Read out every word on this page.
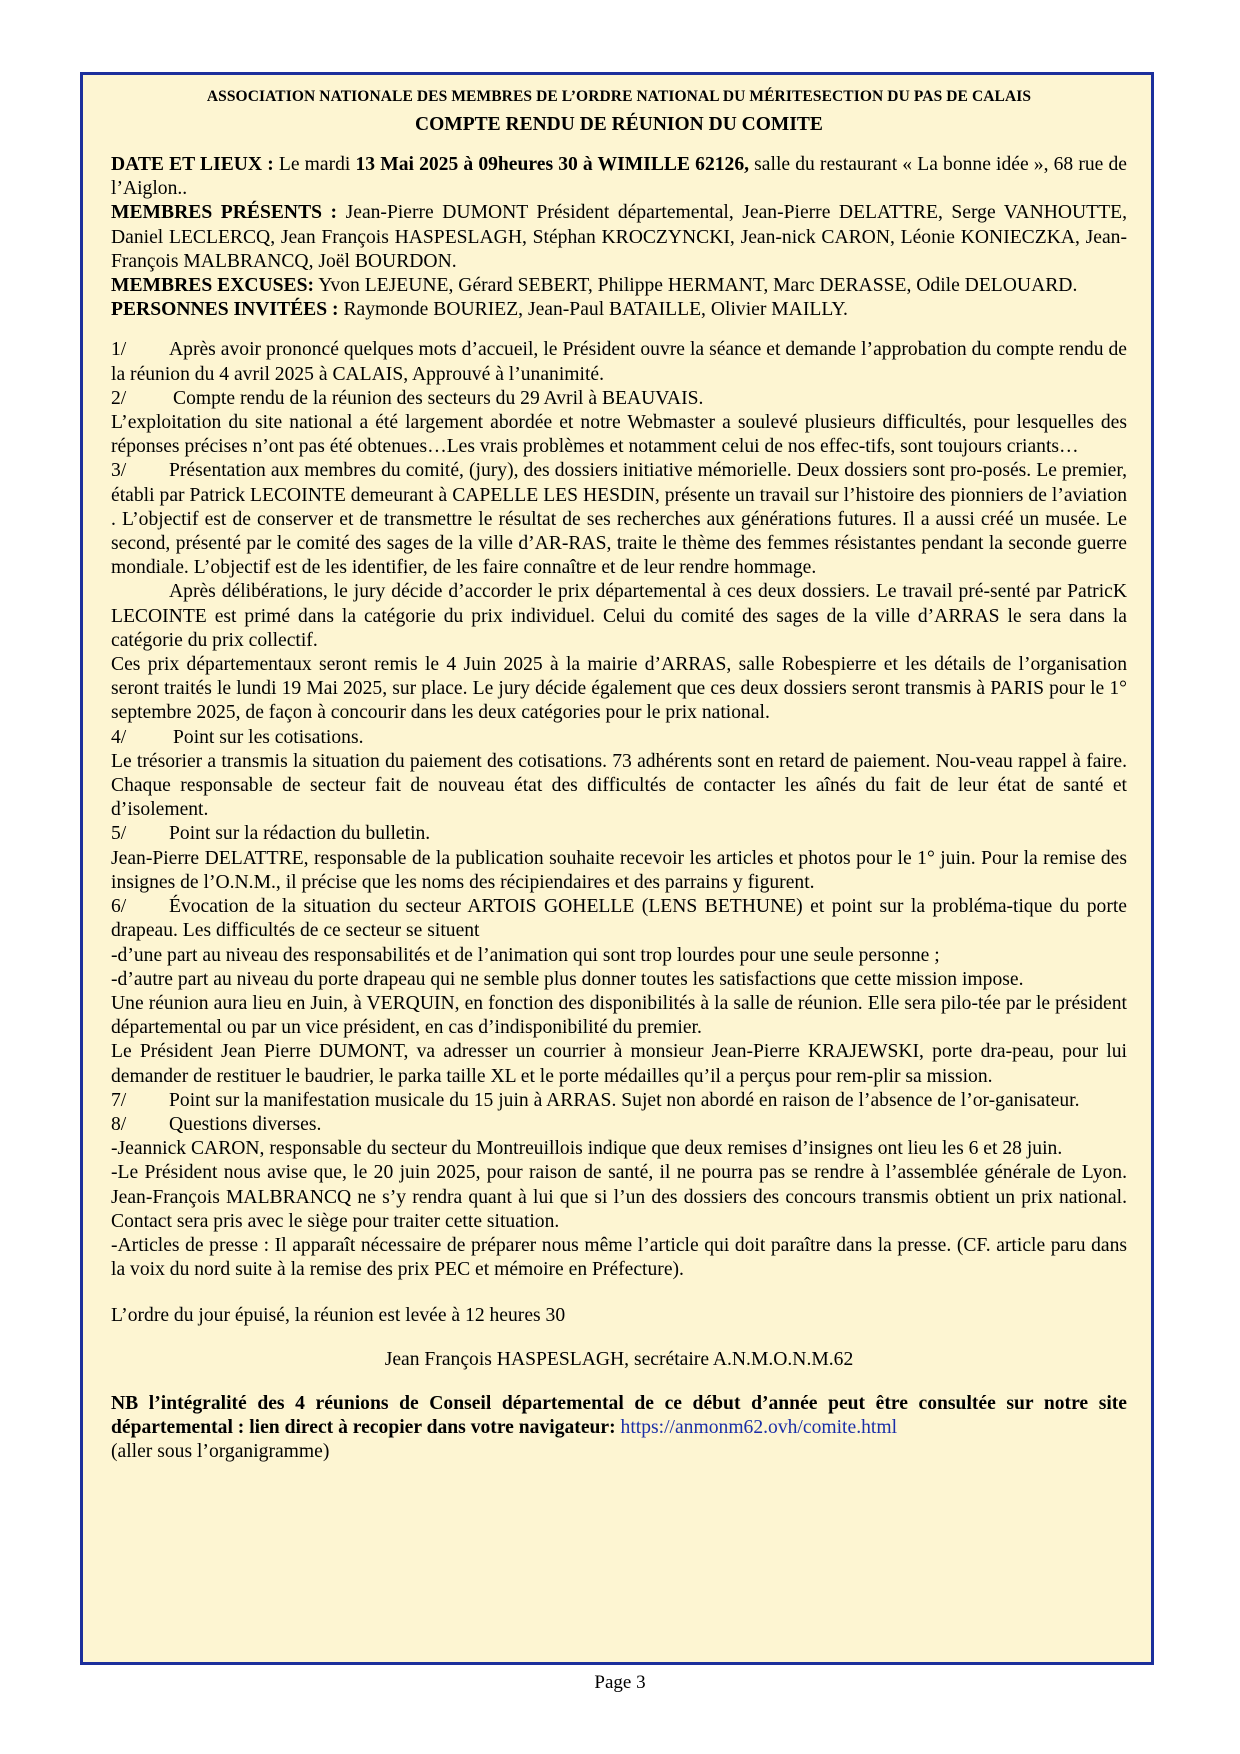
ASSOCIATION NATIONALE DES MEMBRES DE L’ORDRE NATIONAL DU MÉRITESECTION DU PAS DE CALAIS

COMPTE RENDU DE RÉUNION DU COMITE

DATE ET LIEUX : Le mardi 13 Mai 2025 à 09heures 30 à WIMILLE 62126, salle du restaurant « La bonne idée », 68 rue de l’Aiglon..

MEMBRES PRÉSENTS : Jean-Pierre DUMONT Président départemental, Jean-Pierre DELATTRE, Serge VANHOUTTE, Daniel LECLERCQ, Jean François HASPESLAGH, Stéphan KROCZYNCKI, Jean-nick CARON, Léonie KONIECZKA, Jean-François MALBRANCQ, Joël BOURDON.

MEMBRES EXCUSES: Yvon LEJEUNE, Gérard SEBERT, Philippe HERMANT, Marc DERASSE, Odile DELOUARD.

PERSONNES INVITÉES : Raymonde BOURIEZ, Jean-Paul BATAILLE, Olivier MAILLY.

1/ Après avoir prononcé quelques mots d’accueil, le Président ouvre la séance et demande l’approbation du compte rendu de la réunion du 4 avril 2025 à CALAIS, Approuvé à l’unanimité.

2/ Compte rendu de la réunion des secteurs du 29 Avril à BEAUVAIS.

L’exploitation du site national a été largement abordée et notre Webmaster a soulevé plusieurs difficultés, pour lesquelles des réponses précises n’ont pas été obtenues…Les vrais problèmes et notamment celui de nos effec-tifs, sont toujours criants…

3/ Présentation aux membres du comité, (jury), des dossiers initiative mémorielle. Deux dossiers sont pro-posés. Le premier, établi par Patrick LECOINTE demeurant à CAPELLE LES HESDIN, présente un travail sur l’histoire des pionniers de l’aviation . L’objectif est de conserver et de transmettre le résultat de ses recherches aux générations futures. Il a aussi créé un musée. Le second, présenté par le comité des sages de la ville d’AR-RAS, traite le thème des femmes résistantes pendant la seconde guerre mondiale. L’objectif est de les identifier, de les faire connaître et de leur rendre hommage.

Après délibérations, le jury décide d’accorder le prix départemental à ces deux dossiers. Le travail pré-senté par PatricK LECOINTE est primé dans la catégorie du prix individuel. Celui du comité des sages de la ville d’ARRAS le sera dans la catégorie du prix collectif.

Ces prix départementaux seront remis le 4 Juin 2025 à la mairie d’ARRAS, salle Robespierre et les détails de l’organisation seront traités le lundi 19 Mai 2025, sur place. Le jury décide également que ces deux dossiers seront transmis à PARIS pour le 1° septembre 2025, de façon à concourir dans les deux catégories pour le prix national.

4/ Point sur les cotisations.

Le trésorier a transmis la situation du paiement des cotisations. 73 adhérents sont en retard de paiement. Nou-veau rappel à faire. Chaque responsable de secteur fait de nouveau état des difficultés de contacter les aînés du fait de leur état de santé et d’isolement.

5/ Point sur la rédaction du bulletin.

Jean-Pierre DELATTRE, responsable de la publication souhaite recevoir les articles et photos pour le 1° juin. Pour la remise des insignes de l’O.N.M., il précise que les noms des récipiendaires et des parrains y figurent.

6/ Évocation de la situation du secteur ARTOIS GOHELLE (LENS BETHUNE) et point sur la probléma-tique du porte drapeau. Les difficultés de ce secteur se situent

-d’une part au niveau des responsabilités et de l’animation qui sont trop lourdes pour une seule personne ;

-d’autre part au niveau du porte drapeau qui ne semble plus donner toutes les satisfactions que cette mission impose.

Une réunion aura lieu en Juin, à VERQUIN, en fonction des disponibilités à la salle de réunion. Elle sera pilo-tée par le président départemental ou par un vice président, en cas d’indisponibilité du premier.

Le Président Jean Pierre DUMONT, va adresser un courrier à monsieur Jean-Pierre KRAJEWSKI, porte dra-peau, pour lui demander de restituer le baudrier, le parka taille XL et le porte médailles qu’il a perçus pour rem-plir sa mission.

7/ Point sur la manifestation musicale du 15 juin à ARRAS. Sujet non abordé en raison de l’absence de l’or-ganisateur.

8/ Questions diverses.

-Jeannick CARON, responsable du secteur du Montreuillois indique que deux remises d’insignes ont lieu les 6 et 28 juin.

-Le Président nous avise que, le 20 juin 2025, pour raison de santé, il ne pourra pas se rendre à l’assemblée générale de Lyon. Jean-François MALBRANCQ ne s’y rendra quant à lui que si l’un des dossiers des concours transmis obtient un prix national. Contact sera pris avec le siège pour traiter cette situation.

-Articles de presse : Il apparaît nécessaire de préparer nous même l’article qui doit paraître dans la presse. (CF. article paru dans la voix du nord suite à la remise des prix PEC et mémoire en Préfecture).

L’ordre du jour épuisé, la réunion est levée à 12 heures 30

Jean François HASPESLAGH, secrétaire A.N.M.O.N.M.62

NB l’intégralité des 4 réunions de Conseil départemental de ce début d’année peut être consultée sur notre site départemental : lien direct à recopier dans votre navigateur: https://anmonm62.ovh/comite.html
(aller sous l’organigramme)
Page 3
